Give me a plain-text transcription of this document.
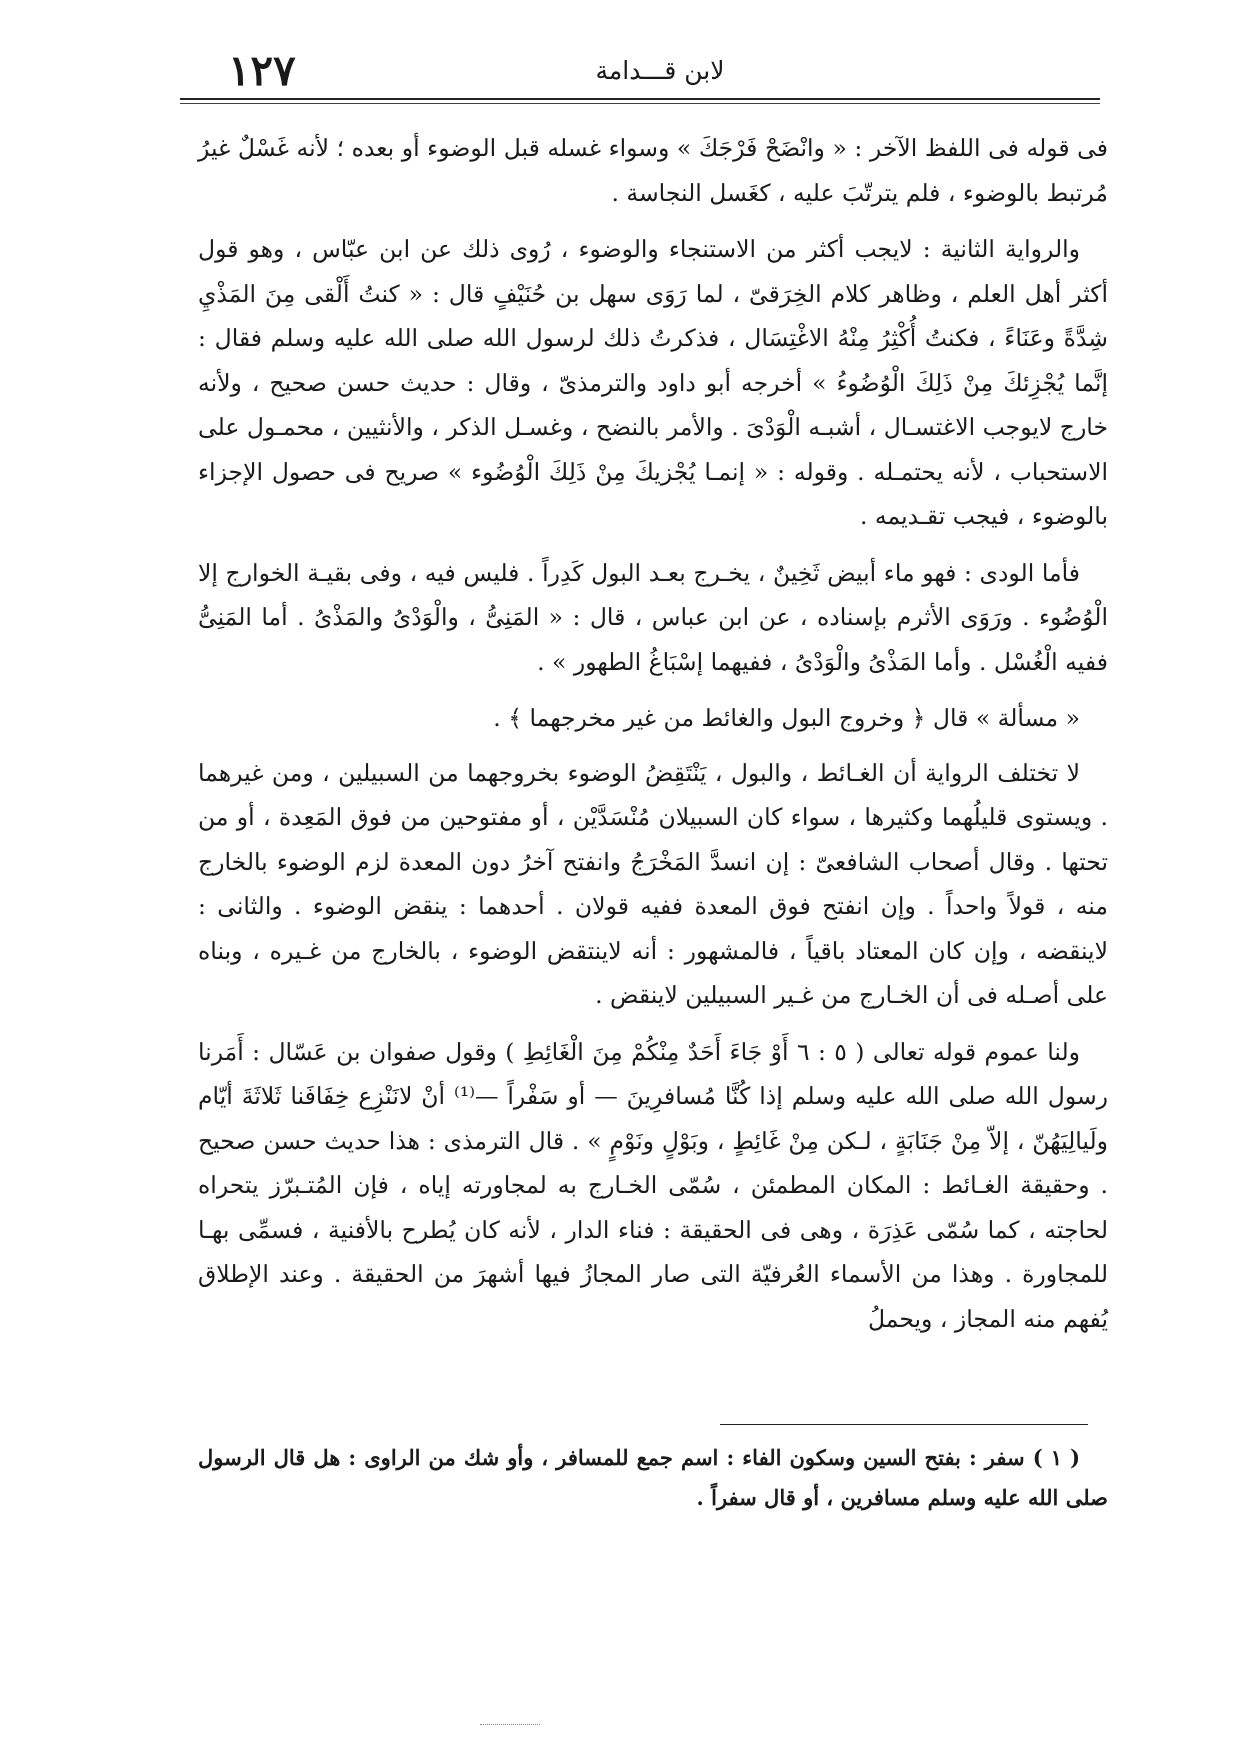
١٢٧	لابن قـــدامة

فى قوله فى اللفظ الآخر : « وانْضَحْ فَرْجَكَ » وسواء غسله قبل الوضوء أو بعده ؛ لأنه غَسْلٌ غيرُ مُرتبط بالوضوء ، فلم يترتّبَ عليه ، كغَسل النجاسة .

والرواية الثانية : لايجب أكثر من الاستنجاء والوضوء ، رُوى ذلك عن ابن عبّاس ، وهو قول أكثر أهل العلم ، وظاهر كلام الخِرَقىّ ، لما رَوَى سهل بن حُنَيْفٍ قال : « كنتُ أَلْقى مِنَ المَذْيِ شِدَّةً وعَنَاءً ، فكنتُ أُكْثِرُ مِنْهُ الاغْتِسَال ، فذكرتُ ذلك لرسول الله صلى الله عليه وسلم فقال : إنَّما يُجْزِئكَ مِنْ ذَلِكَ الْوُضُوءُ » أخرجه أبو داود والترمذىّ ، وقال : حديث حسن صحيح ، ولأنه خارج لايوجب الاغتسـال ، أشبـه الْوَدْىَ . والأمر بالنضح ، وغسـل الذكر ، والأنثيين ، محمـول على الاستحباب ، لأنه يحتمـله . وقوله : « إنمـا يُجْزيكَ مِنْ ذَلِكَ الْوُضُوء » صريح فى حصول الإجزاء بالوضوء ، فيجب تقـديمه .

فأما الودى : فهو ماء أبيض ثَخِينٌ ، يخـرج بعـد البول كَدِراً . فليس فيه ، وفى بقيـة الخوارج إلا الْوُضُوء . ورَوَى الأثرم بإسناده ، عن ابن عباس ، قال : « المَنِىُّ ، والْوَدْىُ والمَذْىُ . أما المَنِىُّ ففيه الْغُسْل . وأما المَذْىُ والْوَدْىُ ، ففيهما إسْبَاغُ الطهور » .

« مسألة » قال ﴿ وخروج البول والغائط من غير مخرجهما ﴾ .

لا تختلف الرواية أن الغـائط ، والبول ، يَنْتَقِضُ الوضوء بخروجهما من السبيلين ، ومن غيرهما . ويستوى قليلُهما وكثيرها ، سواء كان السبيلان مُنْسَدَّيْن ، أو مفتوحين من فوق المَعِدة ، أو من تحتها . وقال أصحاب الشافعىّ : إن انسدَّ المَخْرَجُ وانفتح آخرُ دون المعدة لزم الوضوء بالخارج منه ، قولاً واحداً . وإن انفتح فوق المعدة ففيه قولان . أحدهما : ينقض الوضوء . والثانى : لاينقضه ، وإن كان المعتاد باقياً ، فالمشهور : أنه لاينتقض الوضوء ، بالخارج من غـيره ، وبناه على أصـله فى أن الخـارج من غـير السبيلين لاينقض .

ولنا عموم قوله تعالى ( ٥ : ٦ أَوْ جَاءَ أَحَدٌ مِنْكُمْ مِنَ الْغَائِطِ ) وقول صفوان بن عَسّال : أَمَرنا رسول الله صلى الله عليه وسلم إذا كُنَّا مُسافرِينَ — أو سَفْراً —⁽¹⁾ أنْ لانَنْزِع خِفَافَنا ثَلاثَةَ أيّام ولَيالِيَهُنّ ، إلاّ مِنْ جَنَابَةٍ ، لـكن مِنْ غَائِطٍ ، وبَوْلٍ ونَوْمٍ » . قال الترمذى : هذا حديث حسن صحيح . وحقيقة الغـائط : المكان المطمئن ، سُمّى الخـارج به لمجاورته إياه ، فإن المُتـبرّز يتحراه لحاجته ، كما سُمّى عَذِرَة ، وهى فى الحقيقة : فناء الدار ، لأنه كان يُطرح بالأفنية ، فسمِّى بهـا للمجاورة . وهذا من الأسماء العُرفيّة التى صار المجازُ فيها أشهرَ من الحقيقة . وعند الإطلاق يُفهم منه المجاز ، ويحملُ

( ١ ) سفر : بفتح السين وسكون الفاء : اسم جمع للمسافر ، وأو شك من الراوى : هل قال الرسول صلى الله عليه وسلم مسافرين ، أو قال سفراً .
